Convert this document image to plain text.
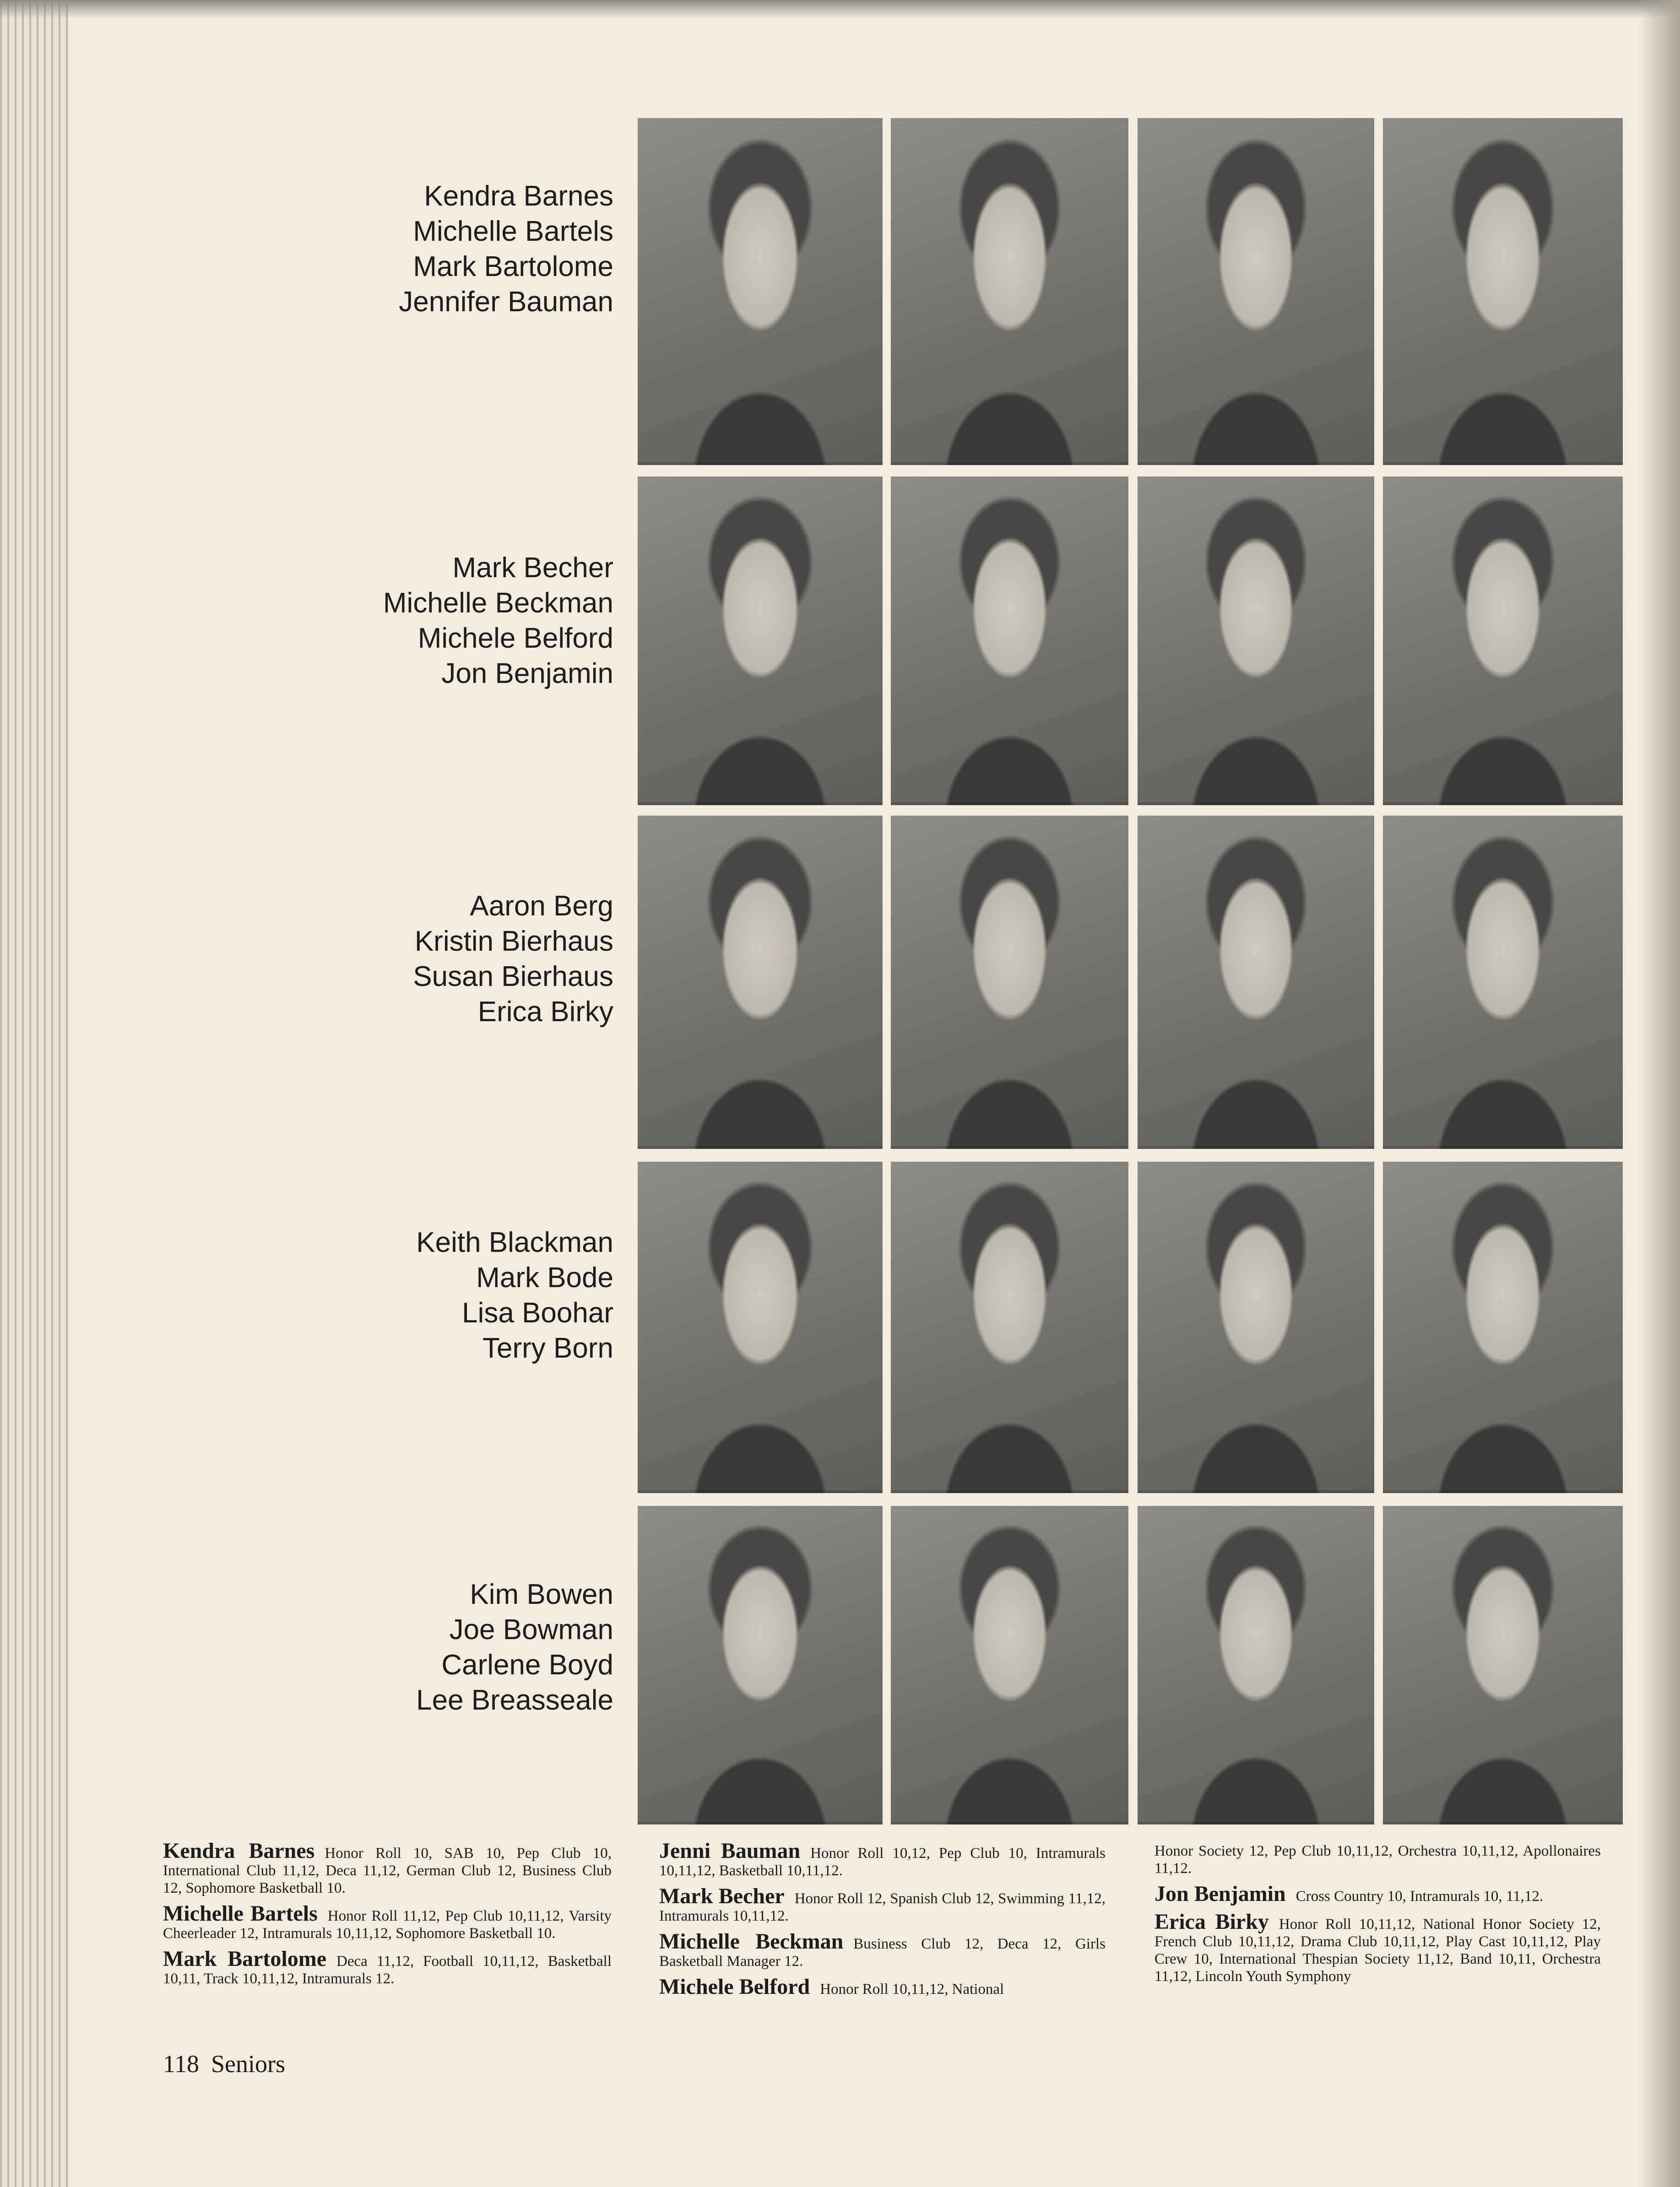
Kendra Barnes
Michelle Bartels
Mark Bartolome
Jennifer Bauman
Mark Becher
Michelle Beckman
Michele Belford
Jon Benjamin
Aaron Berg
Kristin Bierhaus
Susan Bierhaus
Erica Birky
Keith Blackman
Mark Bode
Lisa Boohar
Terry Born
Kim Bowen
Joe Bowman
Carlene Boyd
Lee Breasseale

Kendra Barnes Honor Roll 10, SAB 10, Pep Club 10, International Club 11,12, Deca 11,12, German Club 12, Business Club 12, Sophomore Basketball 10.

Michelle Bartels Honor Roll 11,12, Pep Club 10,11,12, Varsity Cheerleader 12, Intramurals 10,11,12, Sophomore Basketball 10.

Mark Bartolome Deca 11,12, Football 10,11,12, Basketball 10,11, Track 10,11,12, Intramurals 12.

Jenni Bauman Honor Roll 10,12, Pep Club 10, Intramurals 10,11,12, Basketball 10,11,12.

Mark Becher Honor Roll 12, Spanish Club 12, Swimming 11,12, Intramurals 10,11,12.

Michelle Beckman Business Club 12, Deca 12, Girls Basketball Manager 12.

Michele Belford Honor Roll 10,11,12, National

Honor Society 12, Pep Club 10,11,12, Orchestra 10,11,12, Apollonaires 11,12.

Jon Benjamin Cross Country 10, Intramurals 10, 11,12.

Erica Birky Honor Roll 10,11,12, National Honor Society 12, French Club 10,11,12, Drama Club 10,11,12, Play Cast 10,11,12, Play Crew 10, International Thespian Society 11,12, Band 10,11, Orchestra 11,12, Lincoln Youth Symphony

118 Seniors
